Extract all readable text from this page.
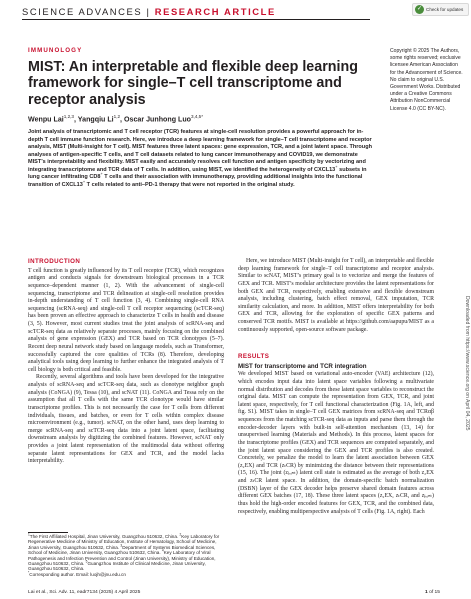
SCIENCE ADVANCES | RESEARCH ARTICLE	✓ Check for updates
IMMUNOLOGY
MIST: An interpretable and flexible deep learning framework for single–T cell transcriptome and receptor analysis
Wenpu Lai$^{1,2,3}$, Yangqiu Li$^{1,2}$, Oscar Junhong Luo$^{3,4,5*}$
Joint analysis of transcriptomic and T cell receptor (TCR) features at single-cell resolution provides a powerful approach for in-depth T cell immune function research. Here, we introduce a deep learning framework for single–T cell transcriptome and receptor analysis, MIST (Multi-insight for T cell). MIST features three latent spaces: gene expression, TCR, and a joint latent space. Through analyses of antigen-specific T cells, and T cell datasets related to lung cancer immunotherapy and COVID19, we demonstrate MIST’s interpretability and flexibility. MIST easily and accurately resolves cell function and antigen specificity by vectorizing and integrating transcriptome and TCR data of T cells. In addition, using MIST, we identified the heterogeneity of CXCL13+ subsets in lung cancer infiltrating CD8+ T cells and their association with immunotherapy, providing additional insights into the functional transition of CXCL13+ T cells related to anti–PD-1 therapy that were not reported in the original study.
Copyright © 2025 The Authors, some rights reserved; exclusive licensee American Association for the Advancement of Science. No claim to original U.S. Government Works. Distributed under a Creative Commons Attribution NonCommercial License 4.0 (CC BY-NC).
Downloaded from https://www.science.org on April 04, 2025
INTRODUCTION

T cell function is greatly influenced by its T cell receptor (TCR), which recognizes antigen and conducts signals for downstream biological processes in a TCR sequence–dependent manner (1, 2). With the advancement of single-cell sequencing, transcriptome and TCR delineation at single-cell resolution provides in-depth understanding of T cell function (3, 4). Combining single-cell RNA sequencing (scRNA-seq) and single-cell T cell receptor sequencing (scTCR-seq) has been proven an effective approach to characterize T cells in health and disease (3, 5). However, most current studies treat the joint analysis of scRNA-seq and scTCR-seq data as relatively separate processes, mainly focusing on the combined analysis of gene expression (GEX) and TCR based on TCR clonotypes (5–7). Recent deep neural network study based on language models, such as Transformer, successfully captured the core qualities of TCRs (8). Therefore, developing analytical tools using deep learning to further enhance the integrated analysis of T cell biology is both critical and feasible.

Recently, several algorithms and tools have been developed for the integrative analysis of scRNA-seq and scTCR-seq data, such as clonotype neighbor graph analysis (CoNGA) (9), Tessa (10), and scNAT (11). CoNGA and Tessa rely on the assumption that all T cells with the same TCR clonotype would have similar transcriptome profiles. This is not necessarily the case for T cells from different individuals, tissues, and batches, or even for T cells within complex disease microenvironment (e.g., tumor). scNAT, on the other hand, uses deep learning to merge scRNA-seq and scTCR-seq data into a joint latent space, facilitating downstream analysis by digitizing the combined features. However, scNAT only provides a joint latent representation of the multimodal data without offering separate latent representations for GEX and TCR, and the model lacks interpretability.

Here, we introduce MIST (Multi-insight for T cell), an interpretable and flexible deep learning framework for single–T cell transcriptome and receptor analysis. Similar to scNAT, MIST’s primary goal is to vectorize and merge the features of GEX and TCR. MIST’s modular architecture provides the latent representations for both GEX and TCR, respectively, enabling extensive and flexible downstream analysis, including clustering, batch effect removal, GEX imputation, TCR similarity calculation, and more. In addition, MIST offers interpretability for both GEX and TCR, allowing for the exploration of specific GEX patterns and conserved TCR motifs. MIST is available at https://github.com/aapupu/MIST as a continuously supported, open-source software package.

RESULTS
MIST for transcriptome and TCR integration

We developed MIST based on variational auto-encoder (VAE) architecture (12), which encodes input data into latent space variables following a multivariate normal distribution and decodes from these latent space variables to reconstruct the original data. MIST can compute the representation from GEX, TCR, and joint latent space, respectively, for T cell functional characterization (Fig. 1A, left, and fig. S1). MIST takes in single–T cell GEX matrices from scRNA-seq and TCRαβ sequences from the matching scTCR-seq data as inputs and parse them through the encoder-decoder layers with built-in self-attention mechanism (13, 14) for unsupervised learning (Materials and Methods). In this process, latent spaces for the transcriptome profiles (GEX) and TCR sequences are computed separately, and the joint latent space considering the GEX and TCR profiles is also created. Concretely, we penalize the model to learn the latent association between GEX (z₂EX) and TCR (zₜCR) by minimizing the distance between their representations (15, 16). The joint (zⱼₒᵢₙₜ) latent cell state is estimated as the average of both z₂EX and zₜCR latent space. In addition, the domain-specific batch normalization (DSBN) layer of the GEX decoder helps preserve shared domain features across different GEX batches (17, 18). These three latent spaces (z₂EX, zₜCR, and zⱼₒᵢₙₜ) thus hold the high-order encoded features for GEX, TCR, and the combined data, respectively, enabling multiperspective analysis of T cells (Fig. 1A, right). Each

$^1$The First Affiliated Hospital, Jinan University, Guangzhou 510632, China. $^2$Key Laboratory for Regenerative Medicine of Ministry of Education, Institute of Hematology, School of Medicine, Jinan University, Guangzhou 510632, China. $^3$Department of Systems Biomedical Sciences, School of Medicine, Jinan University, Guangzhou 510632, China. $^4$Key Laboratory of Viral Pathogenesis and Infection Prevention and Control (Jinan University), Ministry of Education, Guangzhou 510632, China. $^5$Guangzhou Institute of Clinical Medicine, Jinan University, Guangzhou 510632, China.
*Corresponding author. Email: luojh@jnu.edu.cn
Lai et al., Sci. Adv. 11, eadr7134 (2025) 4 April 2025	1 of 15
